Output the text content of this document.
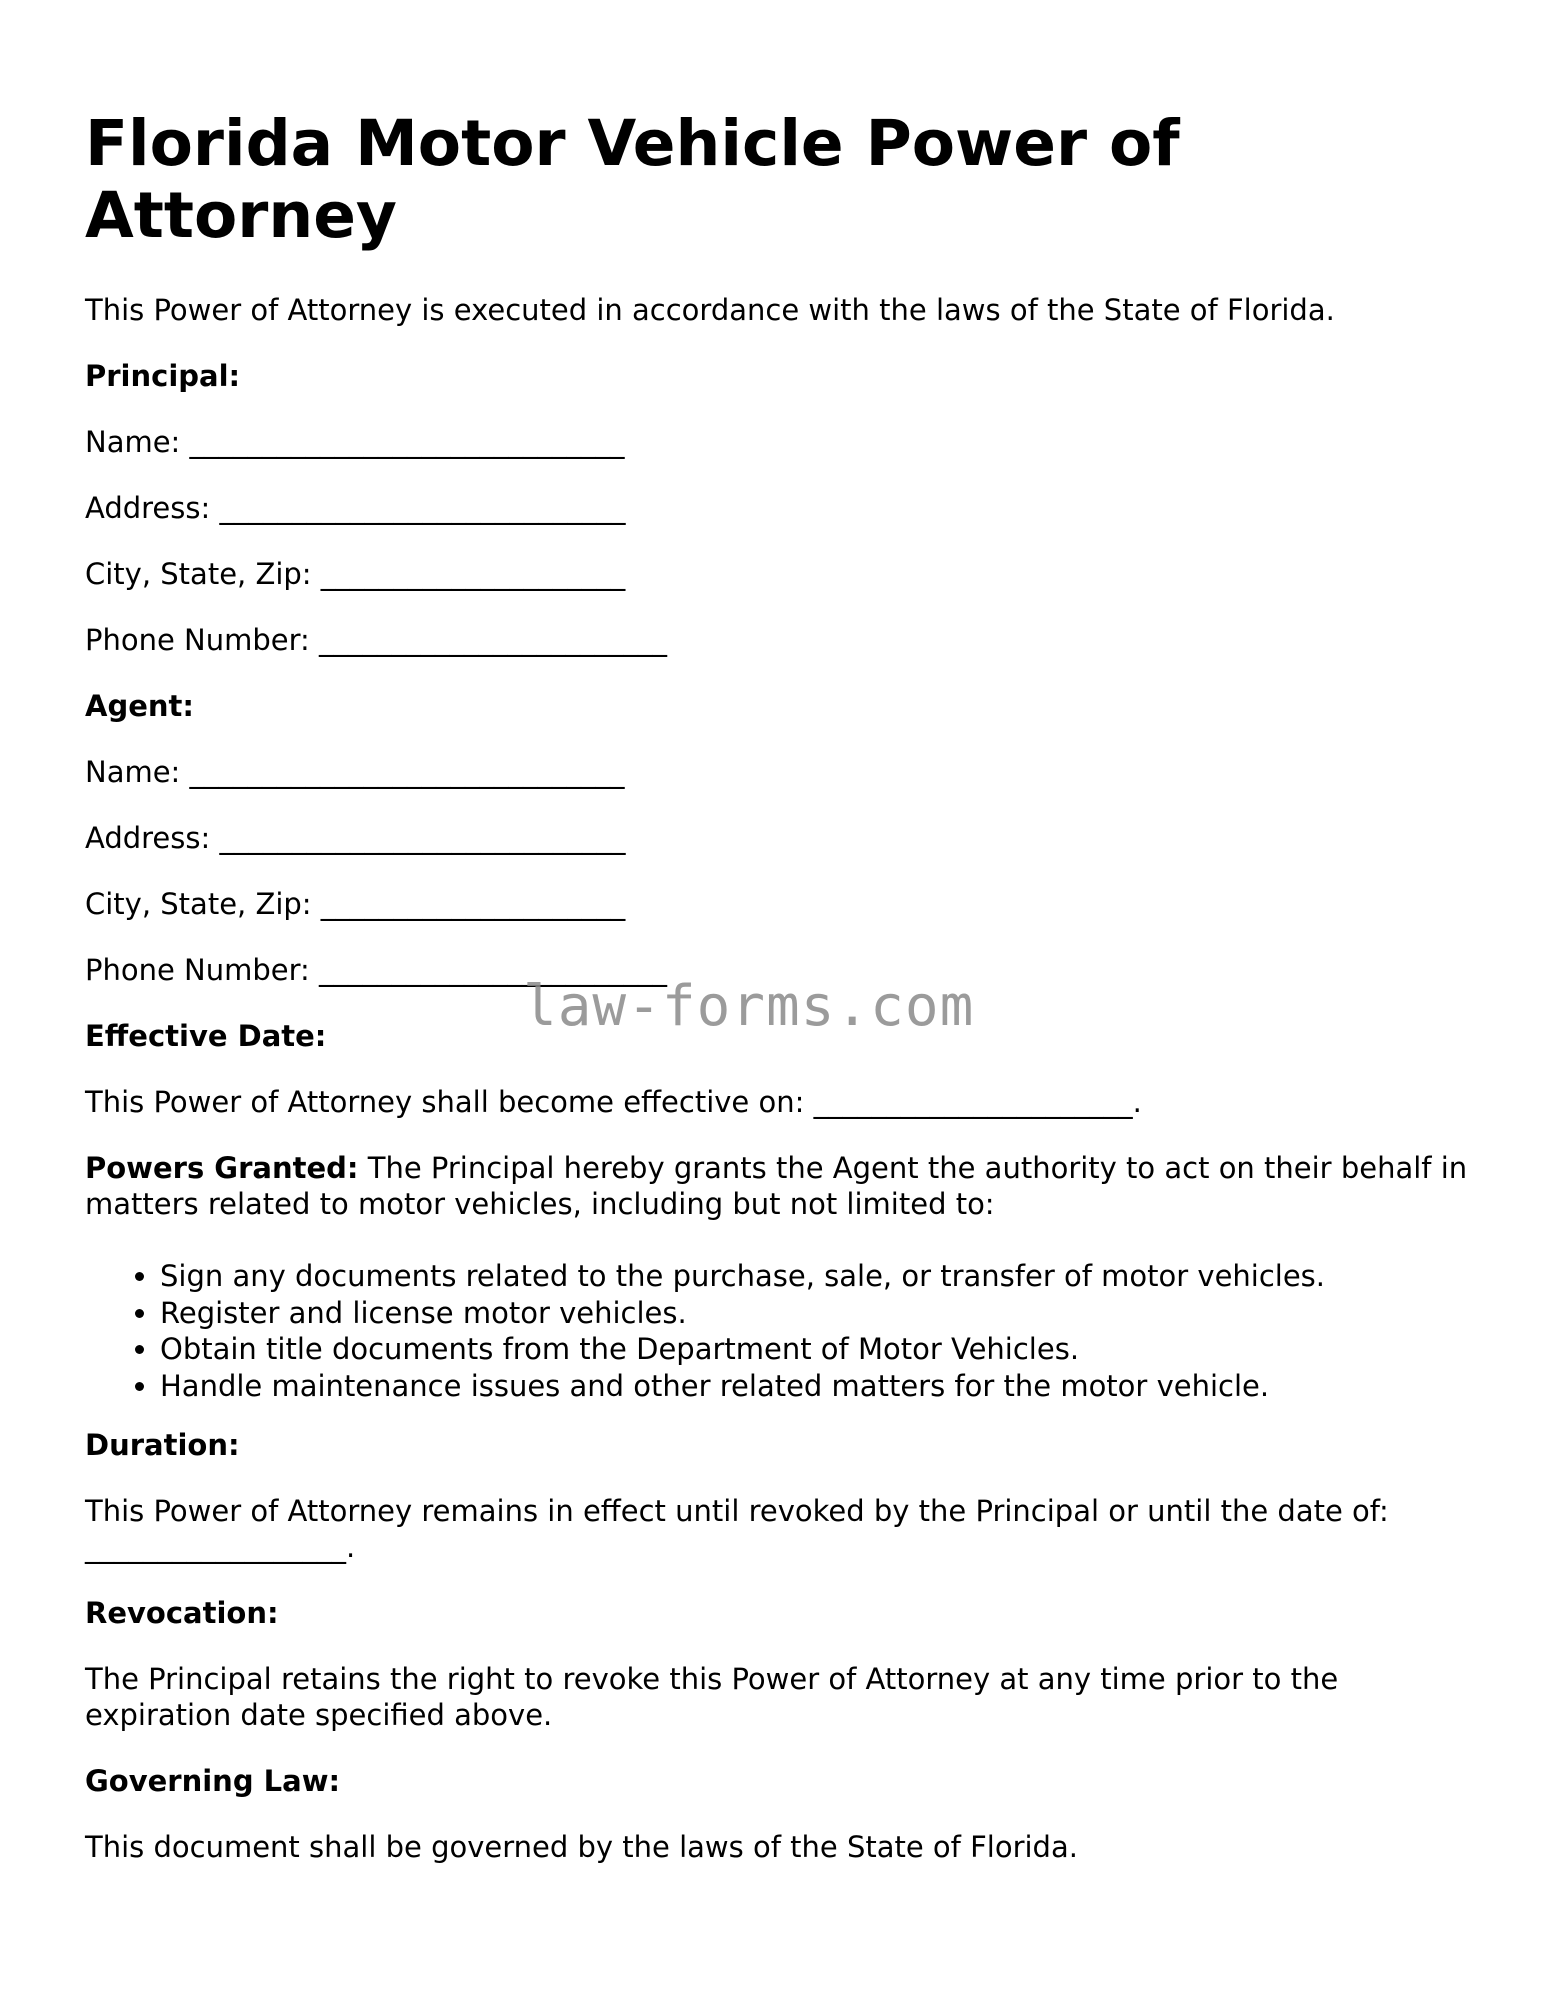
Florida Motor Vehicle Power of Attorney
This Power of Attorney is executed in accordance with the laws of the State of Florida.
Principal:
Name: ______________________________
Address: ____________________________
City, State, Zip: _____________________
Phone Number: ________________________
Agent:
Name: ______________________________
Address: ____________________________
City, State, Zip: _____________________
Phone Number: ________________________
Effective Date:
This Power of Attorney shall become effective on: ______________________.
Powers Granted: The Principal hereby grants the Agent the authority to act on their behalf in matters related to motor vehicles, including but not limited to:
• Sign any documents related to the purchase, sale, or transfer of motor vehicles.
• Register and license motor vehicles.
• Obtain title documents from the Department of Motor Vehicles.
• Handle maintenance issues and other related matters for the motor vehicle.
Duration:
This Power of Attorney remains in effect until revoked by the Principal or until the date of: __________________.
Revocation:
The Principal retains the right to revoke this Power of Attorney at any time prior to the expiration date specified above.
Governing Law:
This document shall be governed by the laws of the State of Florida.
law-forms.com
